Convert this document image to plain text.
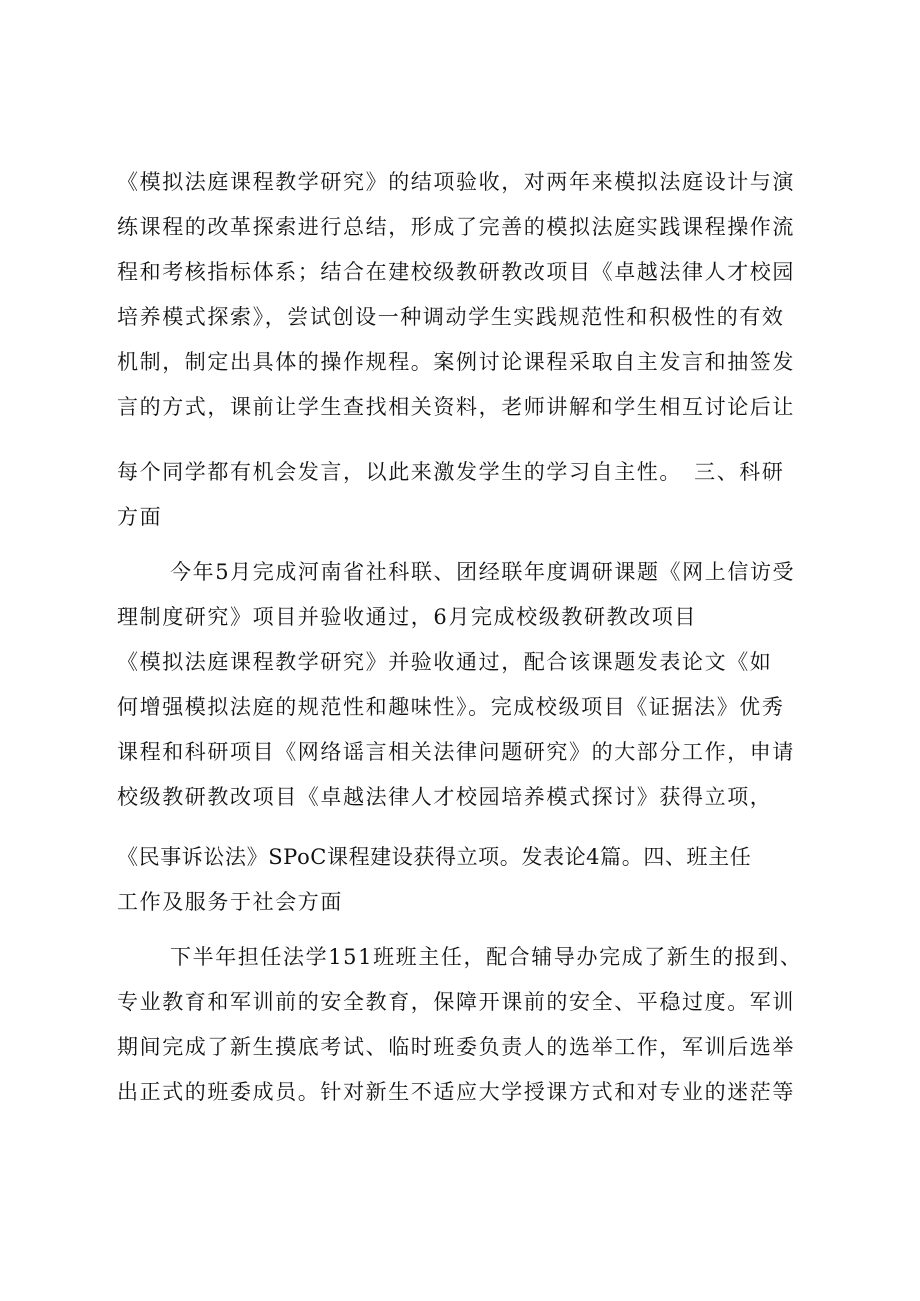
《模拟法庭课程教学研究》的结项验收，对两年来模拟法庭设计与演

练课程的改革探索进行总结，形成了完善的模拟法庭实践课程操作流

程和考核指标体系；结合在建校级教研教改项目《卓越法律人才校园

培养模式探索》，尝试创设一种调动学生实践规范性和积极性的有效

机制，制定出具体的操作规程。案例讨论课程采取自主发言和抽签发

言的方式，课前让学生查找相关资料，老师讲解和学生相互讨论后让

每个同学都有机会发言，以此来激发学生的学习自主性。　三、科研

方面

今年5月完成河南省社科联、团经联年度调研课题《网上信访受

理制度研究》项目并验收通过，6月完成校级教研教改项目

《模拟法庭课程教学研究》并验收通过，配合该课题发表论文《如

何增强模拟法庭的规范性和趣味性》。完成校级项目《证据法》优秀

课程和科研项目《网络谣言相关法律问题研究》的大部分工作，申请

校级教研教改项目《卓越法律人才校园培养模式探讨》获得立项，

《民事诉讼法》SPoC课程建设获得立项。发表论4篇。四、班主任

工作及服务于社会方面

下半年担任法学151班班主任，配合辅导办完成了新生的报到、

专业教育和军训前的安全教育，保障开课前的安全、平稳过度。军训

期间完成了新生摸底考试、临时班委负责人的选举工作，军训后选举

出正式的班委成员。针对新生不适应大学授课方式和对专业的迷茫等
